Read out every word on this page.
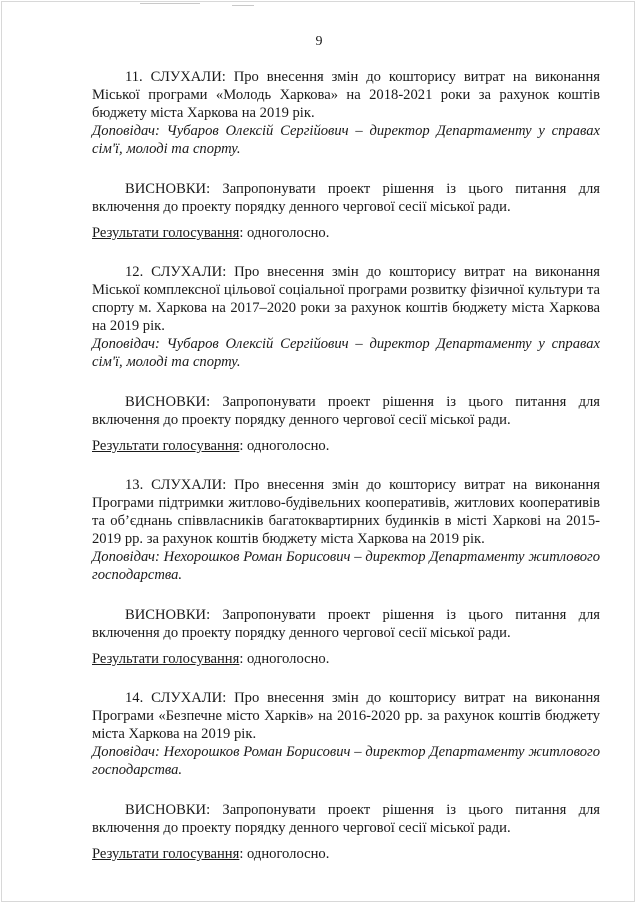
9

11. СЛУХАЛИ: Про внесення змін до кошторису витрат на виконання Міської програми «Молодь Харкова» на 2018-2021 роки за рахунок коштів бюджету міста Харкова на 2019 рік.

Доповідач: Чубаров Олексій Сергійович – директор Департаменту у справах сім'ї, молоді та спорту.

ВИСНОВКИ: Запропонувати проект рішення із цього питання для включення до проекту порядку денного чергової сесії міської ради.

Результати голосування: одноголосно.

12. СЛУХАЛИ: Про внесення змін до кошторису витрат на виконання Міської комплексної цільової соціальної програми розвитку фізичної культури та спорту м. Харкова на 2017–2020 роки за рахунок коштів бюджету міста Харкова на 2019 рік.

Доповідач: Чубаров Олексій Сергійович – директор Департаменту у справах сім'ї, молоді та спорту.

ВИСНОВКИ: Запропонувати проект рішення із цього питання для включення до проекту порядку денного чергової сесії міської ради.

Результати голосування: одноголосно.

13. СЛУХАЛИ: Про внесення змін до кошторису витрат на виконання Програми підтримки житлово-будівельних кооперативів, житлових кооперативів та об’єднань співвласників багатоквартирних будинків в місті Харкові на 2015-2019 рр. за рахунок коштів бюджету міста Харкова на 2019 рік.

Доповідач: Нехорошков Роман Борисович – директор Департаменту житлового господарства.

ВИСНОВКИ: Запропонувати проект рішення із цього питання для включення до проекту порядку денного чергової сесії міської ради.

Результати голосування: одноголосно.

14. СЛУХАЛИ: Про внесення змін до кошторису витрат на виконання Програми «Безпечне місто Харків» на 2016-2020 рр. за рахунок коштів бюджету міста Харкова на 2019 рік.

Доповідач: Нехорошков Роман Борисович – директор Департаменту житлового господарства.

ВИСНОВКИ: Запропонувати проект рішення із цього питання для включення до проекту порядку денного чергової сесії міської ради.

Результати голосування: одноголосно.
